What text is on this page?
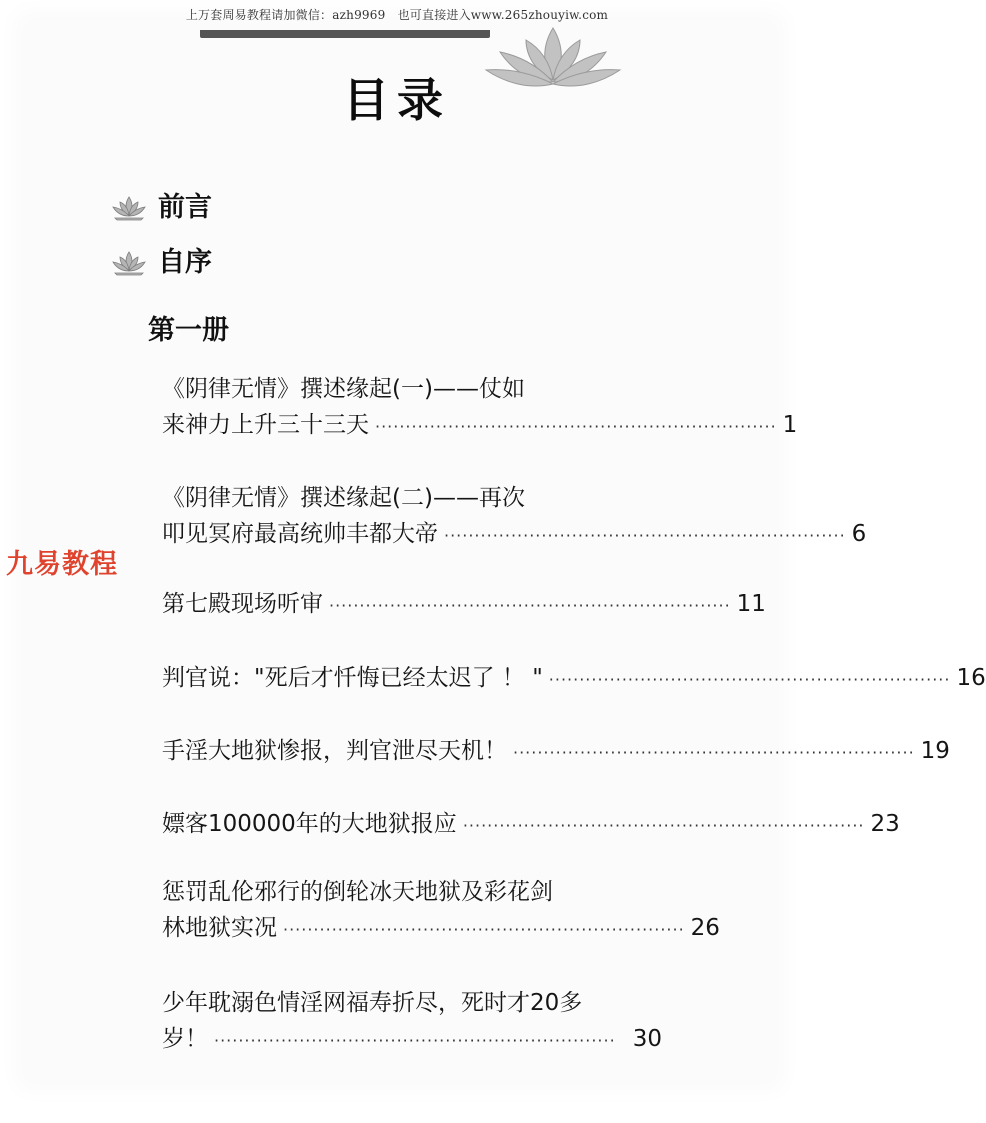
上万套周易教程请加微信：azh9969　也可直接进入www.265zhouyiw.com
目录
前言
自序
第一册
《阴律无情》撰述缘起(一)——仗如
来神力上升三十三天 ·································································· 1
《阴律无情》撰述缘起(二)——再次
叩见冥府最高统帅丰都大帝 ·································································· 6
第七殿现场听审 ·································································· 11
判官说："死后才忏悔已经太迟了 ！ " ·································································· 16
手淫大地狱惨报，判官泄尽天机！ ·································································· 19
嫖客100000年的大地狱报应 ·································································· 23
惩罚乱伦邪行的倒轮冰天地狱及彩花剑
林地狱实况 ·································································· 26
少年耽溺色情淫网福寿折尽，死时才20多
岁！ ·································································· 30
九易教程
